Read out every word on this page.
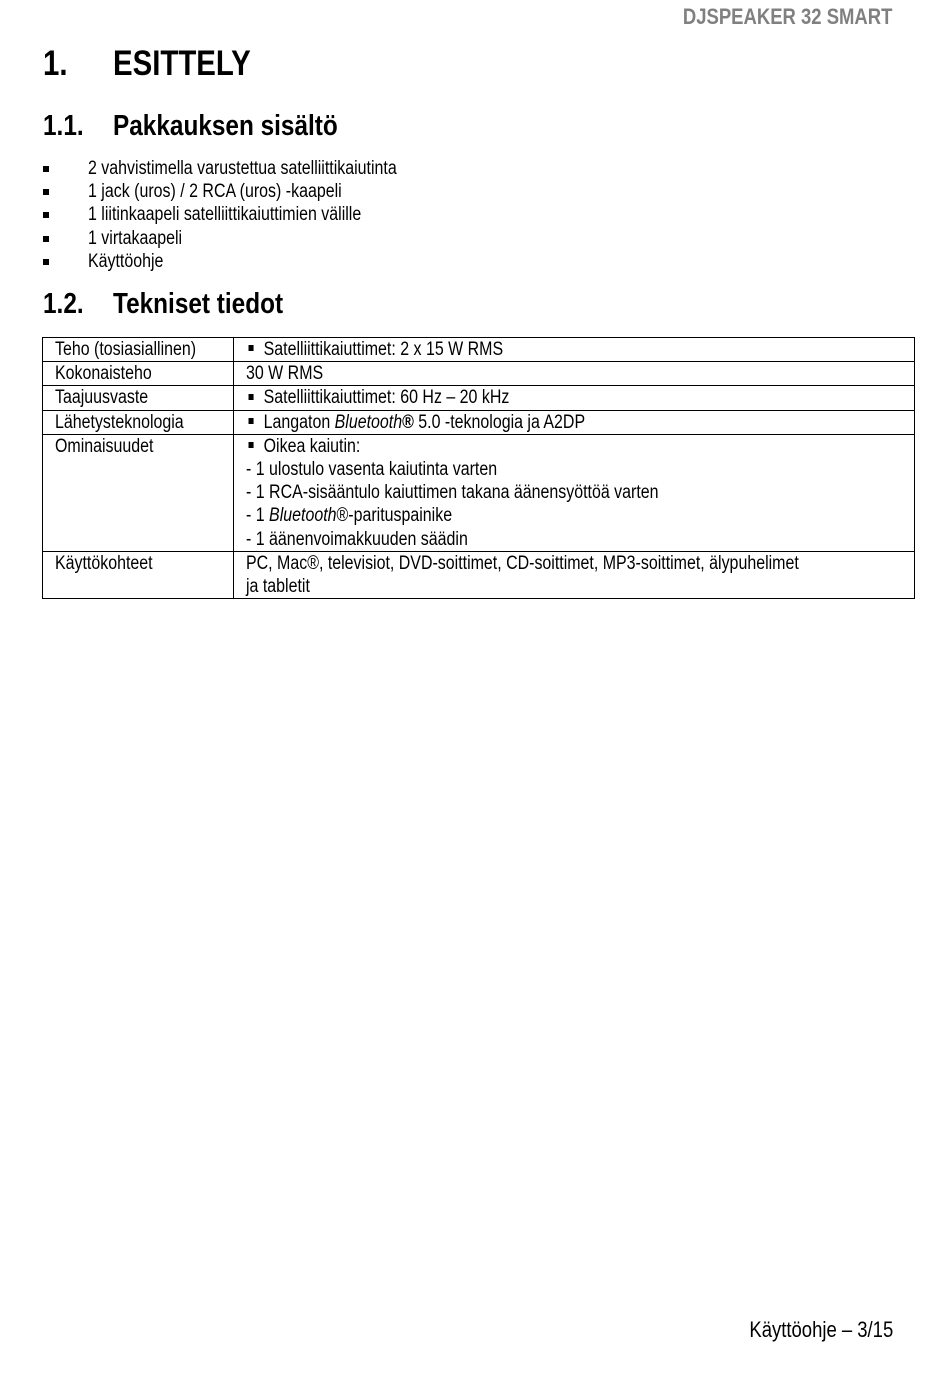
DJSPEAKER 32 SMART
1. ESITTELY
1.1. Pakkauksen sisältö
2 vahvistimella varustettua satelliittikaiutinta
1 jack (uros) / 2 RCA (uros) -kaapeli
1 liitinkaapeli satelliittikaiuttimien välille
1 virtakaapeli
Käyttöohje
1.2. Tekniset tiedot
Teho (tosiasiallinen)	Satelliittikaiuttimet: 2 x 15 W RMS
Kokonaisteho	30 W RMS
Taajuusvaste	Satelliittikaiuttimet: 60 Hz – 20 kHz
Lähetysteknologia	Langaton Bluetooth® 5.0 -teknologia ja A2DP
Ominaisuudet	Oikea kaiutin:
- 1 ulostulo vasenta kaiutinta varten
- 1 RCA-sisääntulo kaiuttimen takana äänensyöttöä varten
- 1 Bluetooth®-parituspainike
- 1 äänenvoimakkuuden säädin

Käyttökohteet	PC, Mac®, televisiot, DVD-soittimet, CD-soittimet, MP3-soittimet, älypuhelimet
ja tabletit
Käyttöohje – 3/15
